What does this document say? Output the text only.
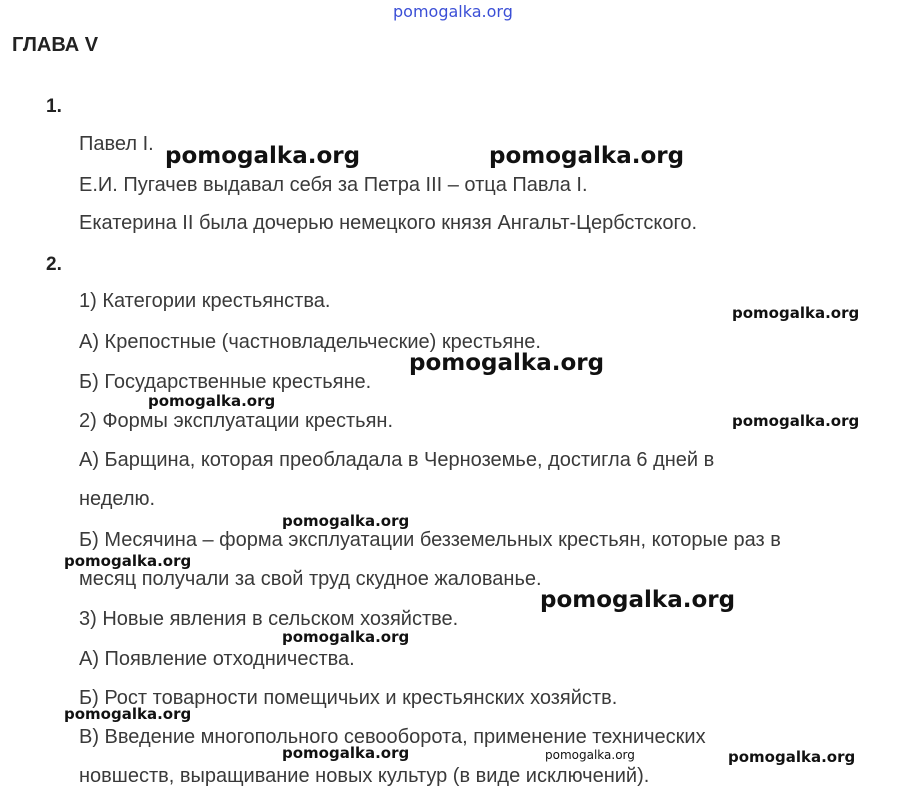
pomogalka.org
ГЛАВА V
1.
Павел I.
Е.И. Пугачев выдавал себя за Петра III – отца Павла I.
Екатерина II была дочерью немецкого князя Ангальт-Цербстского.
2.
1) Категории крестьянства.
А) Крепостные (частновладельческие) крестьяне.
Б) Государственные крестьяне.
2) Формы эксплуатации крестьян.
А) Барщина, которая преобладала в Черноземье, достигла 6 дней в
неделю.
Б) Месячина – форма эксплуатации безземельных крестьян, которые раз в
месяц получали за свой труд скудное жалованье.
3) Новые явления в сельском хозяйстве.
А) Появление отходничества.
Б) Рост товарности помещичьих и крестьянских хозяйств.
В) Введение многопольного севооборота, применение технических
новшеств, выращивание новых культур (в виде исключений).
pomogalka.org	pomogalka.org
pomogalka.org
pomogalka.org
pomogalka.org
pomogalka.org
pomogalka.org
pomogalka.org
pomogalka.org
pomogalka.org
pomogalka.org
pomogalka.org	pomogalka.org	pomogalka.org
